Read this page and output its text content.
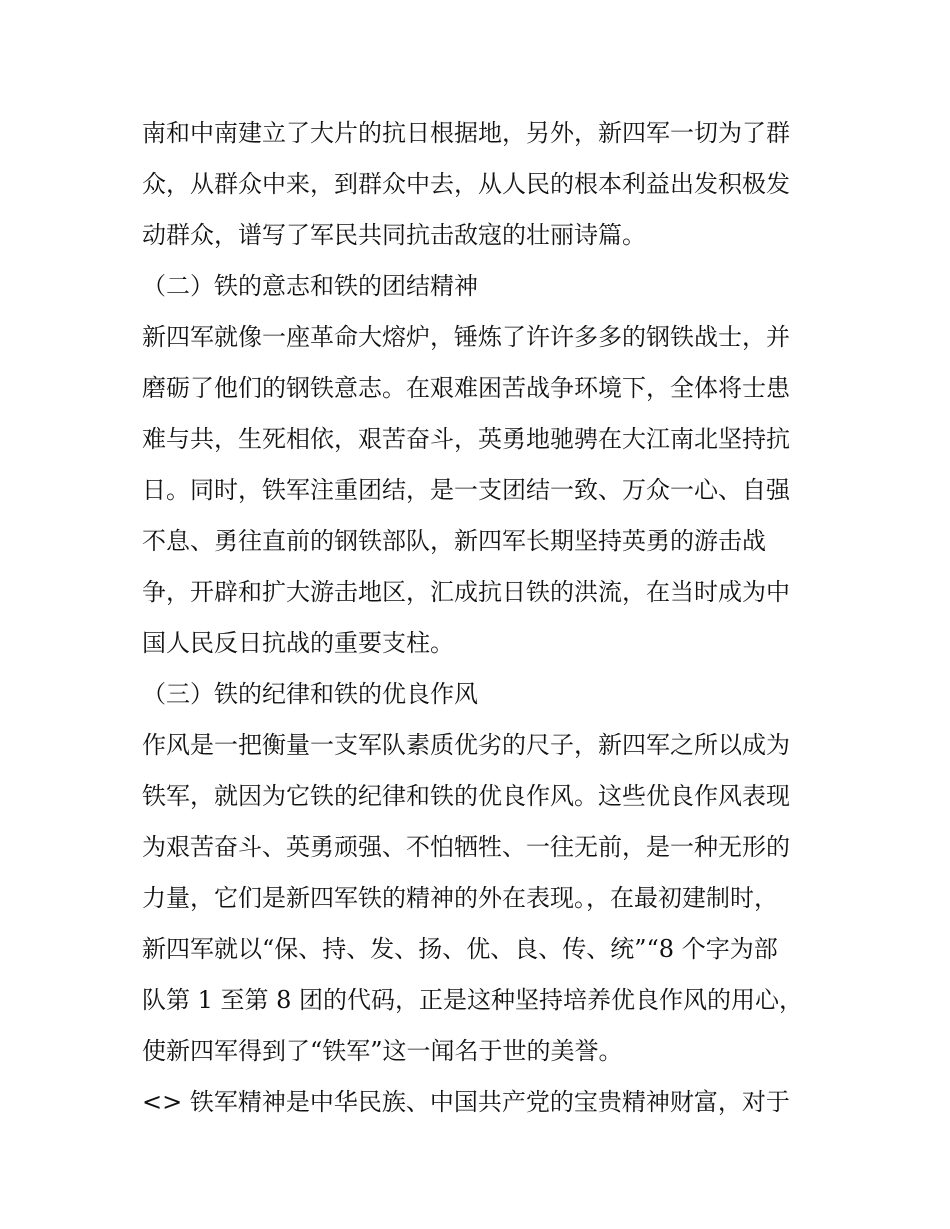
南和中南建立了大片的抗日根据地，另外，新四军一切为了群
众，从群众中来，到群众中去，从人民的根本利益出发积极发
动群众，谱写了军民共同抗击敌寇的壮丽诗篇。
（二）铁的意志和铁的团结精神
新四军就像一座革命大熔炉，锤炼了许许多多的钢铁战士，并
磨砺了他们的钢铁意志。在艰难困苦战争环境下，全体将士患
难与共，生死相依，艰苦奋斗，英勇地驰骋在大江南北坚持抗
日。同时，铁军注重团结，是一支团结一致、万众一心、自强
不息、勇往直前的钢铁部队，新四军长期坚持英勇的游击战
争，开辟和扩大游击地区，汇成抗日铁的洪流，在当时成为中
国人民反日抗战的重要支柱。
（三）铁的纪律和铁的优良作风
作风是一把衡量一支军队素质优劣的尺子，新四军之所以成为
铁军，就因为它铁的纪律和铁的优良作风。这些优良作风表现
为艰苦奋斗、英勇顽强、不怕牺牲、一往无前，是一种无形的
力量，它们是新四军铁的精神的外在表现。，在最初建制时，
新四军就以“保、持、发、扬、优、良、传、统”“8 个字为部
队第 1 至第 8 团的代码，正是这种坚持培养优良作风的用心，
使新四军得到了“铁军”这一闻名于世的美誉。
<> 铁军精神是中华民族、中国共产党的宝贵精神财富，对于
